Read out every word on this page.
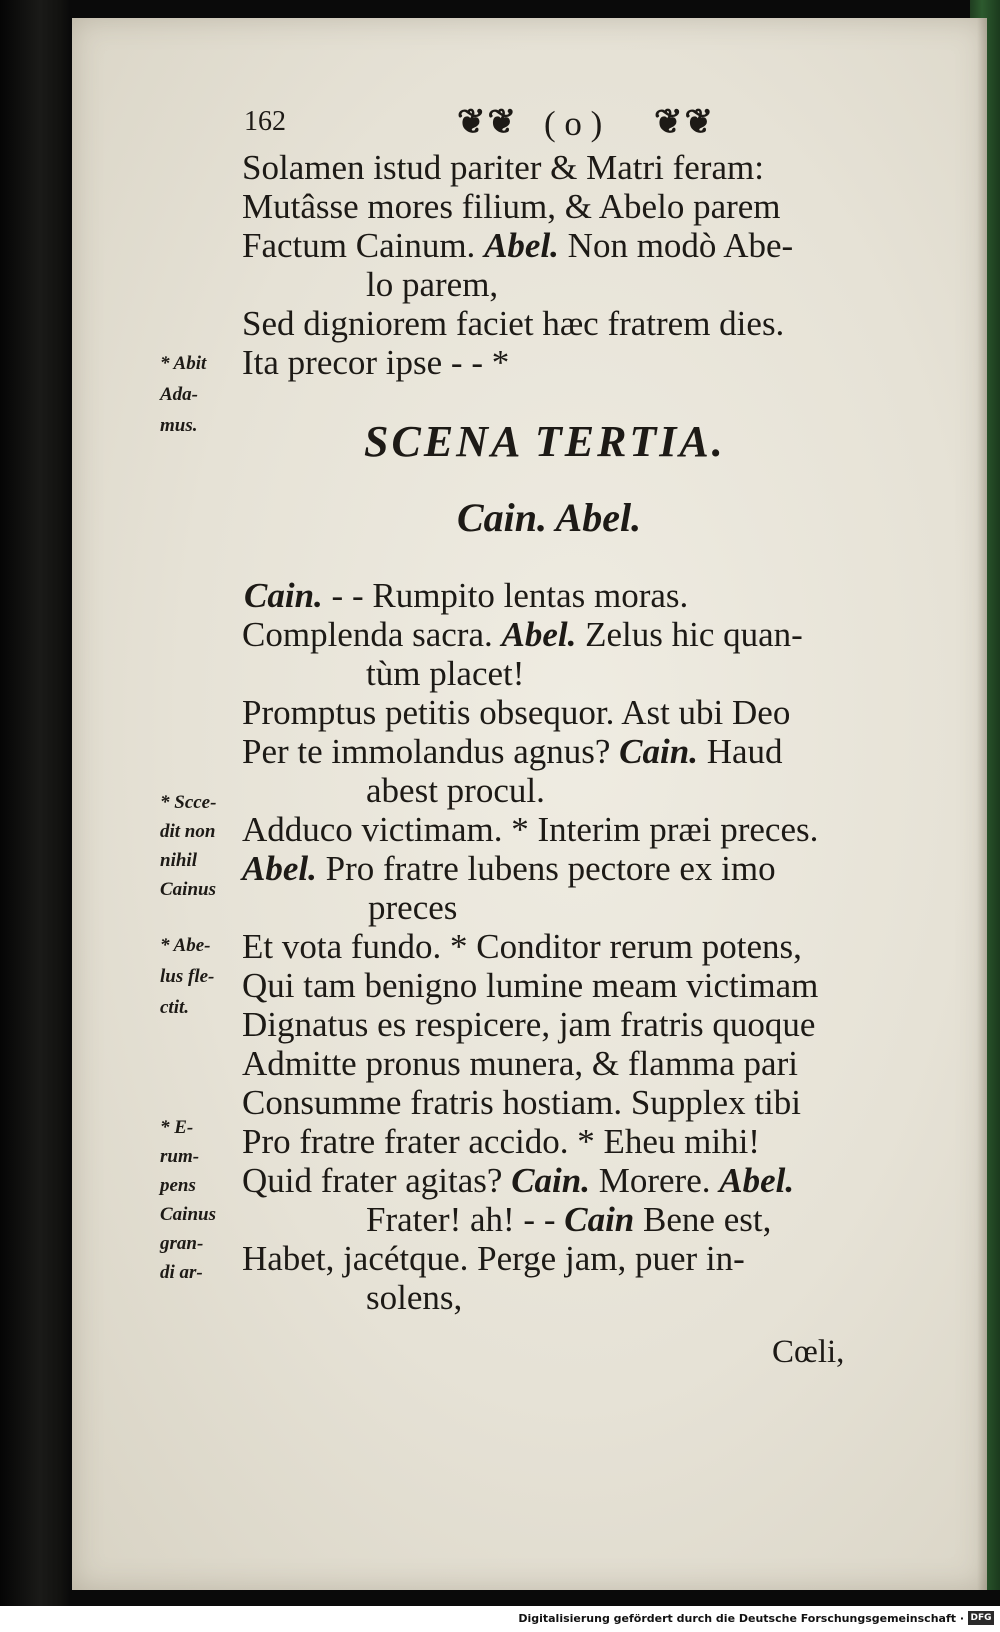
162	❦❦ ( o ) ❦❦
Solamen istud pariter & Matri feram:
Mutâsse mores filium, & Abelo parem
Factum Cainum. Abel. Non modò Abe-
lo parem,
Sed digniorem faciet hæc fratrem dies.
Ita precor ipse - - *
SCENA TERTIA.
Cain. Abel.
Cain. - - Rumpito lentas moras.
Complenda sacra. Abel. Zelus hic quan-
tùm placet!
Promptus petitis obsequor. Ast ubi Deo
Per te immolandus agnus? Cain. Haud
abest procul.
Adduco victimam. * Interim præi preces.
Abel. Pro fratre lubens pectore ex imo
preces
Et vota fundo. * Conditor rerum potens,
Qui tam benigno lumine meam victimam
Dignatus es respicere, jam fratris quoque
Admitte pronus munera, & flamma pari
Consumme fratris hostiam. Supplex tibi
Pro fratre frater accido. * Eheu mihi!
Quid frater agitas? Cain. Morere. Abel.
Frater! ah! - - Cain Bene est,
Habet, jacétque. Perge jam, puer in-
solens,
Cœli,
* Abit
Ada-
mus.
* Scce-
dit non
nihil
Cainus
* Abe-
lus fle-
ctit.
* E-
rum-
pens
Cainus
gran-
di ar-
Digitalisierung gefördert durch die Deutsche Forschungsgemeinschaft · DFG
